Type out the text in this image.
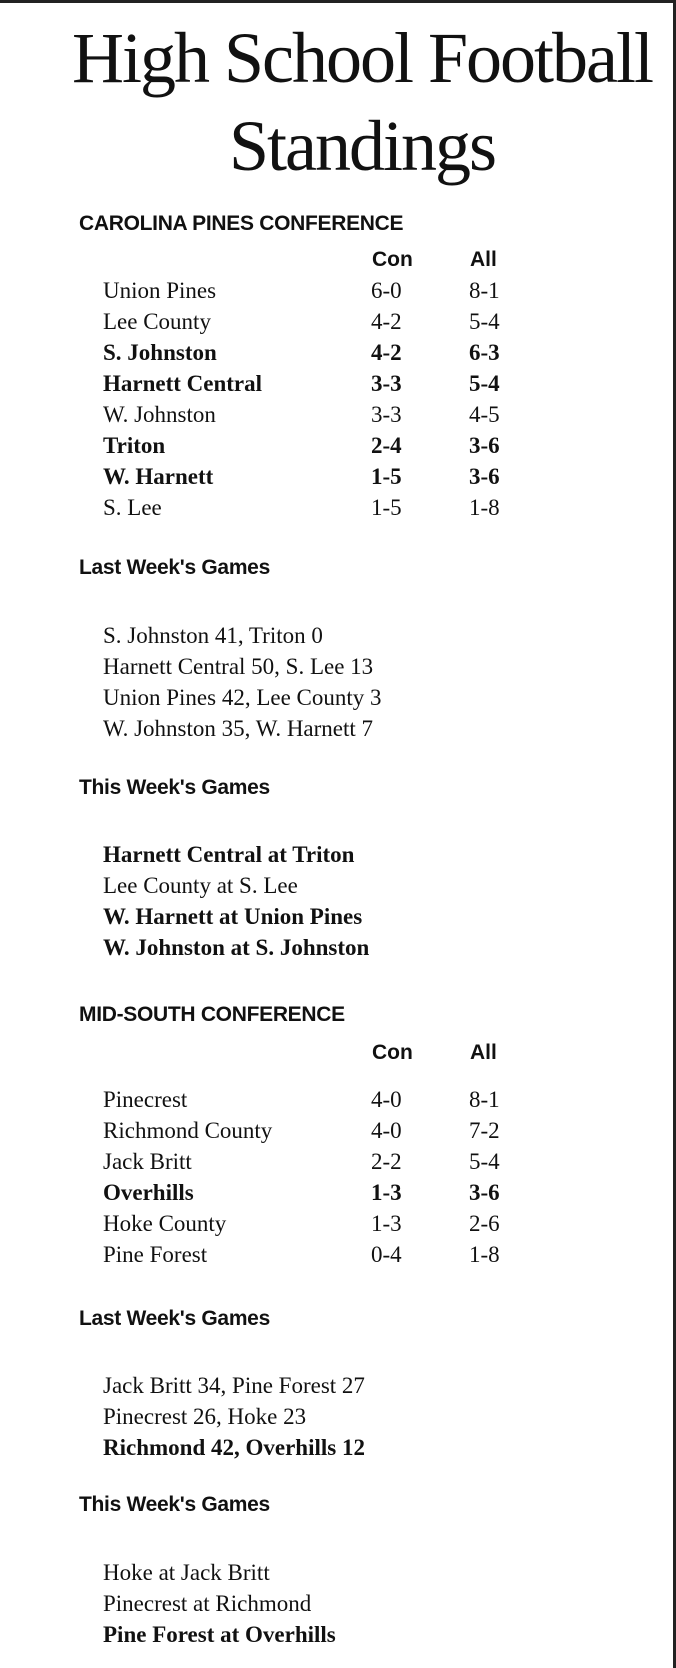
High School Football
Standings
CAROLINA PINES CONFERENCE
Con	All
Union Pines	6-0	8-1
Lee County	4-2	5-4
S. Johnston	4-2	6-3
Harnett Central	3-3	5-4
W. Johnston	3-3	4-5
Triton	2-4	3-6
W. Harnett	1-5	3-6
S. Lee	1-5	1-8
Last Week's Games
S. Johnston 41, Triton 0
Harnett Central 50, S. Lee 13
Union Pines 42, Lee County 3
W. Johnston 35, W. Harnett 7
This Week's Games
Harnett Central at Triton
Lee County at S. Lee
W. Harnett at Union Pines
W. Johnston at S. Johnston
MID-SOUTH CONFERENCE
Con	All
Pinecrest	4-0	8-1
Richmond County	4-0	7-2
Jack Britt	2-2	5-4
Overhills	1-3	3-6
Hoke County	1-3	2-6
Pine Forest	0-4	1-8
Last Week's Games
Jack Britt 34, Pine Forest 27
Pinecrest 26, Hoke 23
Richmond 42, Overhills 12
This Week's Games
Hoke at Jack Britt
Pinecrest at Richmond
Pine Forest at Overhills
